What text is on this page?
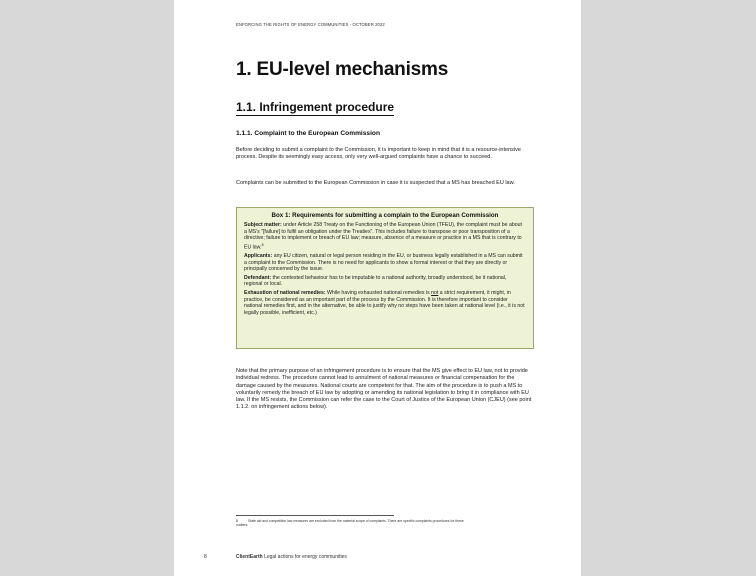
ENFORCING THE RIGHTS OF ENERGY COMMUNITIES - OCTOBER 2022
1. EU-level mechanisms
1.1. Infringement procedure
1.1.1. Complaint to the European Commission

Before deciding to submit a complaint to the Commission, it is important to keep in mind that it is a resource-intensive process. Despite its seemingly easy access, only very well-argued complaints have a chance to succeed.

Complaints can be submitted to the European Commission in case it is suspected that a MS has breached EU law.

Box 1: Requirements for submitting a complain to the European Commission

Subject matter: under Article 258 Treaty on the Functioning of the European Union (TFEU), the complaint must be about a MS's "[failure] to fulfil an obligation under the Treaties". This includes failure to transpose or poor transposition of a directive; failure to implement or breach of EU law; measure, absence of a measure or practice in a MS that is contrary to EU law.$^8$

Applicants: any EU citizen, natural or legal person residing in the EU, or business legally established in a MS can submit a complaint to the Commission. There is no need for applicants to show a formal interest or that they are directly or principally concerned by the issue.

Defendant: the contested behaviour has to be imputable to a national authority, broadly understood, be it national, regional or local.

Exhaustion of national remedies: While having exhausted national remedies is not a strict requirement, it might, in practice, be considered as an important part of the process by the Commission. It is therefore important to consider national remedies first, and in the alternative, be able to justify why no steps have been taken at national level (i.e., it is not legally possible, inefficient, etc.)

Note that the primary purpose of an infringement procedure is to ensure that the MS give effect to EU law, not to provide individual redress. The procedure cannot lead to annulment of national measures or financial compensation for the damage caused by the measures. National courts are competent for that. The aim of the procedure is to push a MS to voluntarily remedy the breach of EU law by adopting or amending its national legislation to bring it in compliance with EU law. If the MS resists, the Commission can refer the case to the Court of Justice of the European Union (CJEU) (see point 1.1.2. on infringement actions below).

8	State aid and competition law measures are excluded from the material scope of complaints. There are specific complaints procedures for these matters.

8	ClientEarth Legal actions for energy communities
